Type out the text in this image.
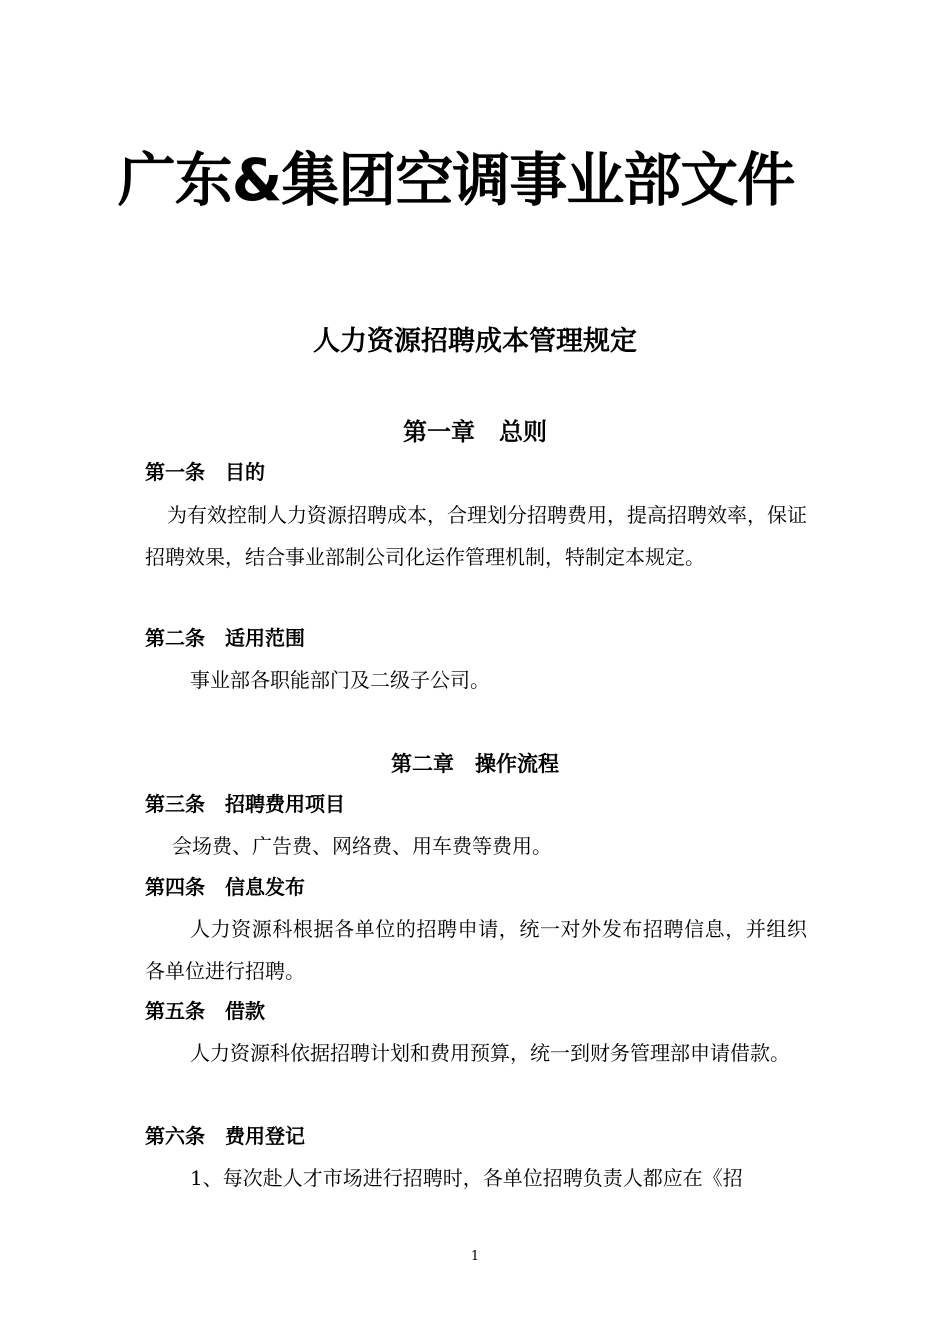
广东&集团空调事业部文件
人力资源招聘成本管理规定
第一章　总则
第一条　目的
为有效控制人力资源招聘成本，合理划分招聘费用，提高招聘效率，保证招聘效果，结合事业部制公司化运作管理机制，特制定本规定。
第二条　适用范围
事业部各职能部门及二级子公司。
第二章　操作流程
第三条　招聘费用项目
会场费、广告费、网络费、用车费等费用。
第四条　信息发布
人力资源科根据各单位的招聘申请，统一对外发布招聘信息，并组织各单位进行招聘。
第五条　借款
人力资源科依据招聘计划和费用预算，统一到财务管理部申请借款。
第六条　费用登记
1、每次赴人才市场进行招聘时，各单位招聘负责人都应在《招
1
